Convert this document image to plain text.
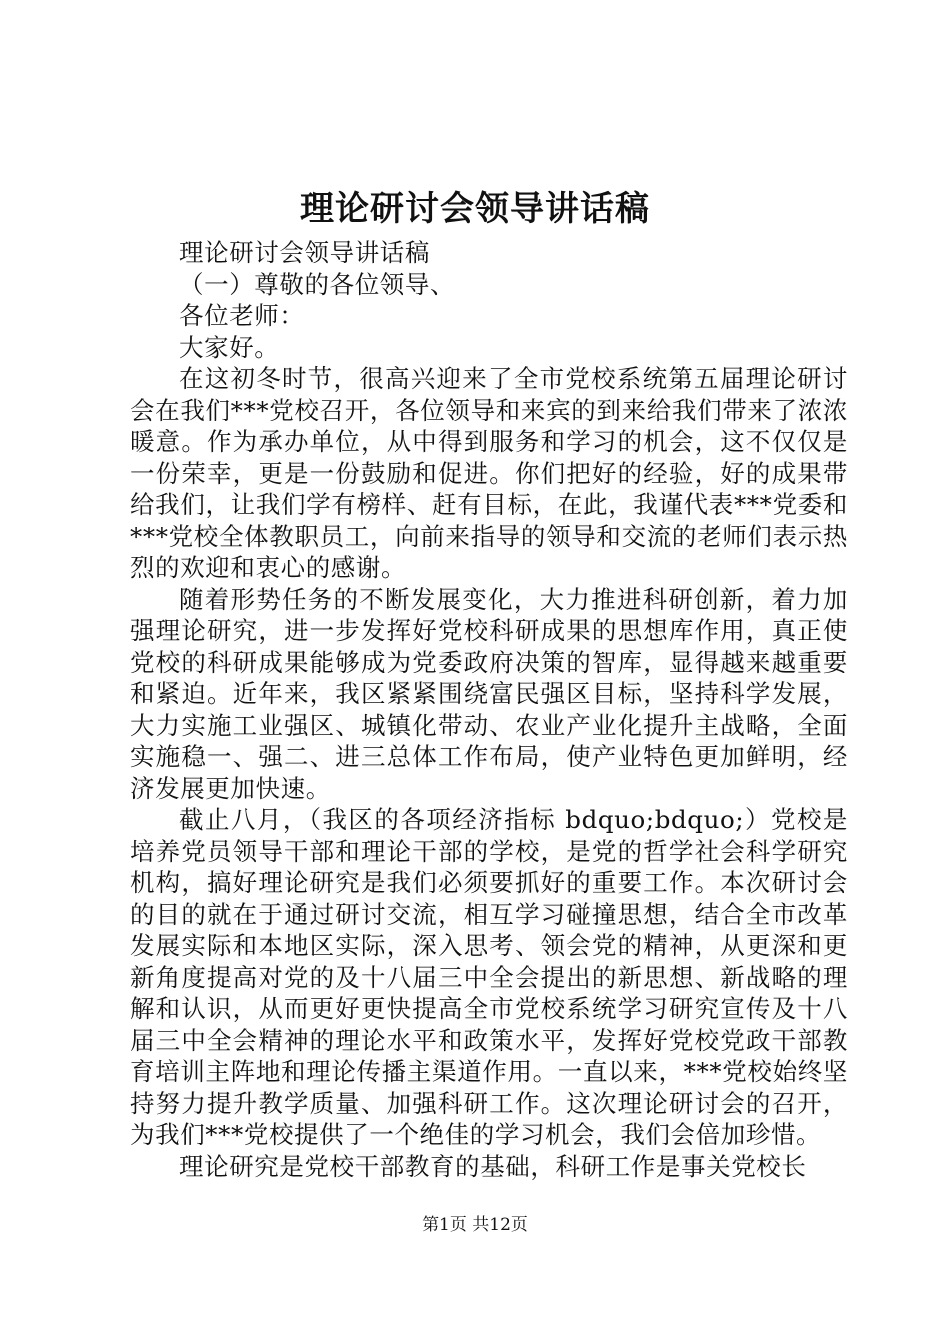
理论研讨会领导讲话稿

理论研讨会领导讲话稿

（一）尊敬的各位领导、

各位老师：

大家好。

在这初冬时节，很高兴迎来了全市党校系统第五届理论研讨会在我们***党校召开，各位领导和来宾的到来给我们带来了浓浓暖意。作为承办单位，从中得到服务和学习的机会，这不仅仅是一份荣幸，更是一份鼓励和促进。你们把好的经验，好的成果带给我们，让我们学有榜样、赶有目标，在此，我谨代表***党委和***党校全体教职员工，向前来指导的领导和交流的老师们表示热烈的欢迎和衷心的感谢。

随着形势任务的不断发展变化，大力推进科研创新，着力加强理论研究，进一步发挥好党校科研成果的思想库作用，真正使党校的科研成果能够成为党委政府决策的智库，显得越来越重要和紧迫。近年来，我区紧紧围绕富民强区目标，坚持科学发展，大力实施工业强区、城镇化带动、农业产业化提升主战略，全面实施稳一、强二、进三总体工作布局，使产业特色更加鲜明，经济发展更加快速。

截止八月，（我区的各项经济指标 bdquo;bdquo;）党校是培养党员领导干部和理论干部的学校，是党的哲学社会科学研究机构，搞好理论研究是我们必须要抓好的重要工作。本次研讨会的目的就在于通过研讨交流，相互学习碰撞思想，结合全市改革发展实际和本地区实际，深入思考、领会党的精神，从更深和更新角度提高对党的及十八届三中全会提出的新思想、新战略的理解和认识，从而更好更快提高全市党校系统学习研究宣传及十八届三中全会精神的理论水平和政策水平，发挥好党校党政干部教育培训主阵地和理论传播主渠道作用。一直以来，***党校始终坚持努力提升教学质量、加强科研工作。这次理论研讨会的召开，为我们***党校提供了一个绝佳的学习机会，我们会倍加珍惜。

理论研究是党校干部教育的基础，科研工作是事关党校长

第1页 共12页
